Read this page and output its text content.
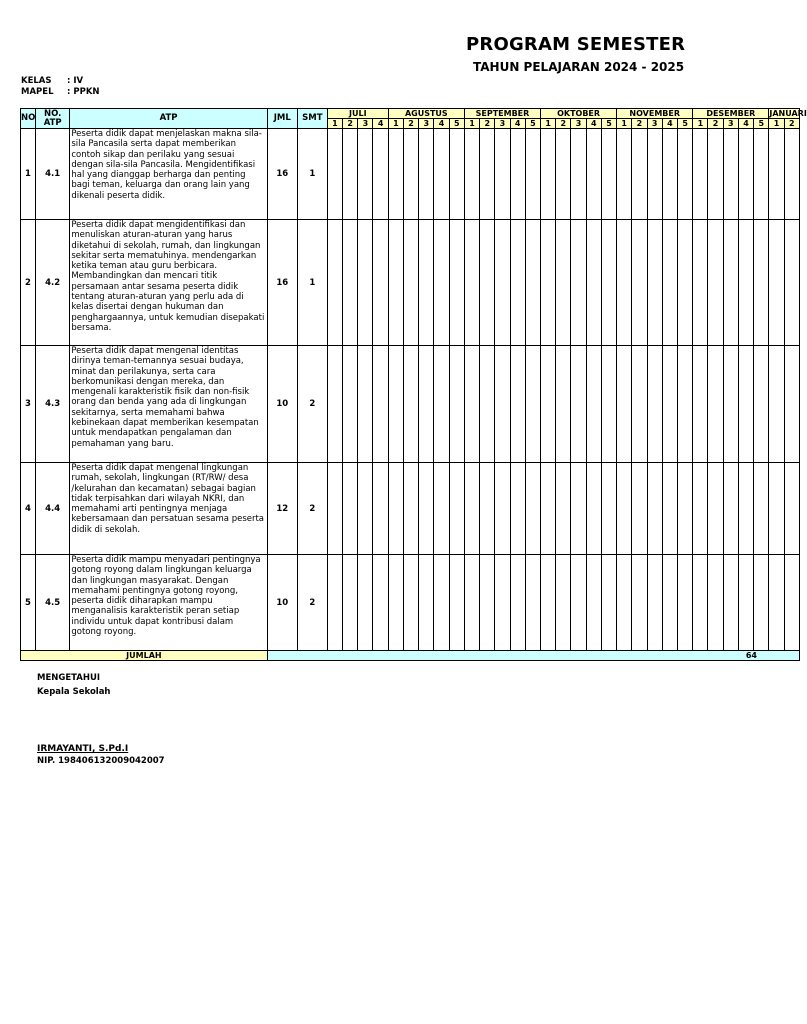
PROGRAM SEMESTER
TAHUN PELAJARAN 2024 - 2025
KELAS : IV
MAPEL : PPKN
NO	NO. ATP	ATP	JML	SMT	JULI				AGUSTUS					SEPTEMBER					OKTOBER					NOVEMBER					DESEMBER					JANUARI	
					1	2	3	4	1	2	3	4	5	1	2	3	4	5	1	2	3	4	5	1	2	3	4	5	1	2	3	4	5	1	2
1	4.1	Peserta didik dapat menjelaskan makna sila-sila Pancasila serta dapat memberikan contoh sikap dan perilaku yang sesuai dengan sila-sila Pancasila. Mengidentifikasi hal yang dianggap berharga dan penting bagi teman, keluarga dan orang lain yang dikenali peserta didik.	16	1																															
2	4.2	Peserta didik dapat mengidentifikasi dan menuliskan aturan-aturan yang harus diketahui di sekolah, rumah, dan lingkungan sekitar serta mematuhinya. mendengarkan ketika teman atau guru berbicara. Membandingkan dan mencari titik persamaan antar sesama peserta didik tentang aturan-aturan yang perlu ada di kelas disertai dengan hukuman dan penghargaannya, untuk kemudian disepakati bersama.	16	1																															
3	4.3	Peserta didik dapat mengenal identitas dirinya teman-temannya sesuai budaya, minat dan perilakunya, serta cara berkomunikasi dengan mereka, dan mengenali karakteristik fisik dan non-fisik orang dan benda yang ada di lingkungan sekitarnya, serta memahami bahwa kebinekaan dapat memberikan kesempatan untuk mendapatkan pengalaman dan pemahaman yang baru.	10	2																															
4	4.4	Peserta didik dapat mengenal lingkungan rumah, sekolah, lingkungan (RT/RW/ desa /kelurahan dan kecamatan) sebagai bagian tidak terpisahkan dari wilayah NKRI, dan memahami arti pentingnya menjaga kebersamaan dan persatuan sesama peserta didik di sekolah.	12	2																															
5	4.5	Peserta didik mampu menyadari pentingnya gotong royong dalam lingkungan keluarga dan lingkungan masyarakat. Dengan memahami pentingnya gotong royong, peserta didik diharapkan mampu menganalisis karakteristik peran setiap individu untuk dapat kontribusi dalam gotong royong.	10	2																															
JUMLAH			64																																
MENGETAHUI
Kepala Sekolah
IRMAYANTI, S.Pd.I
NIP. 198406132009042007
